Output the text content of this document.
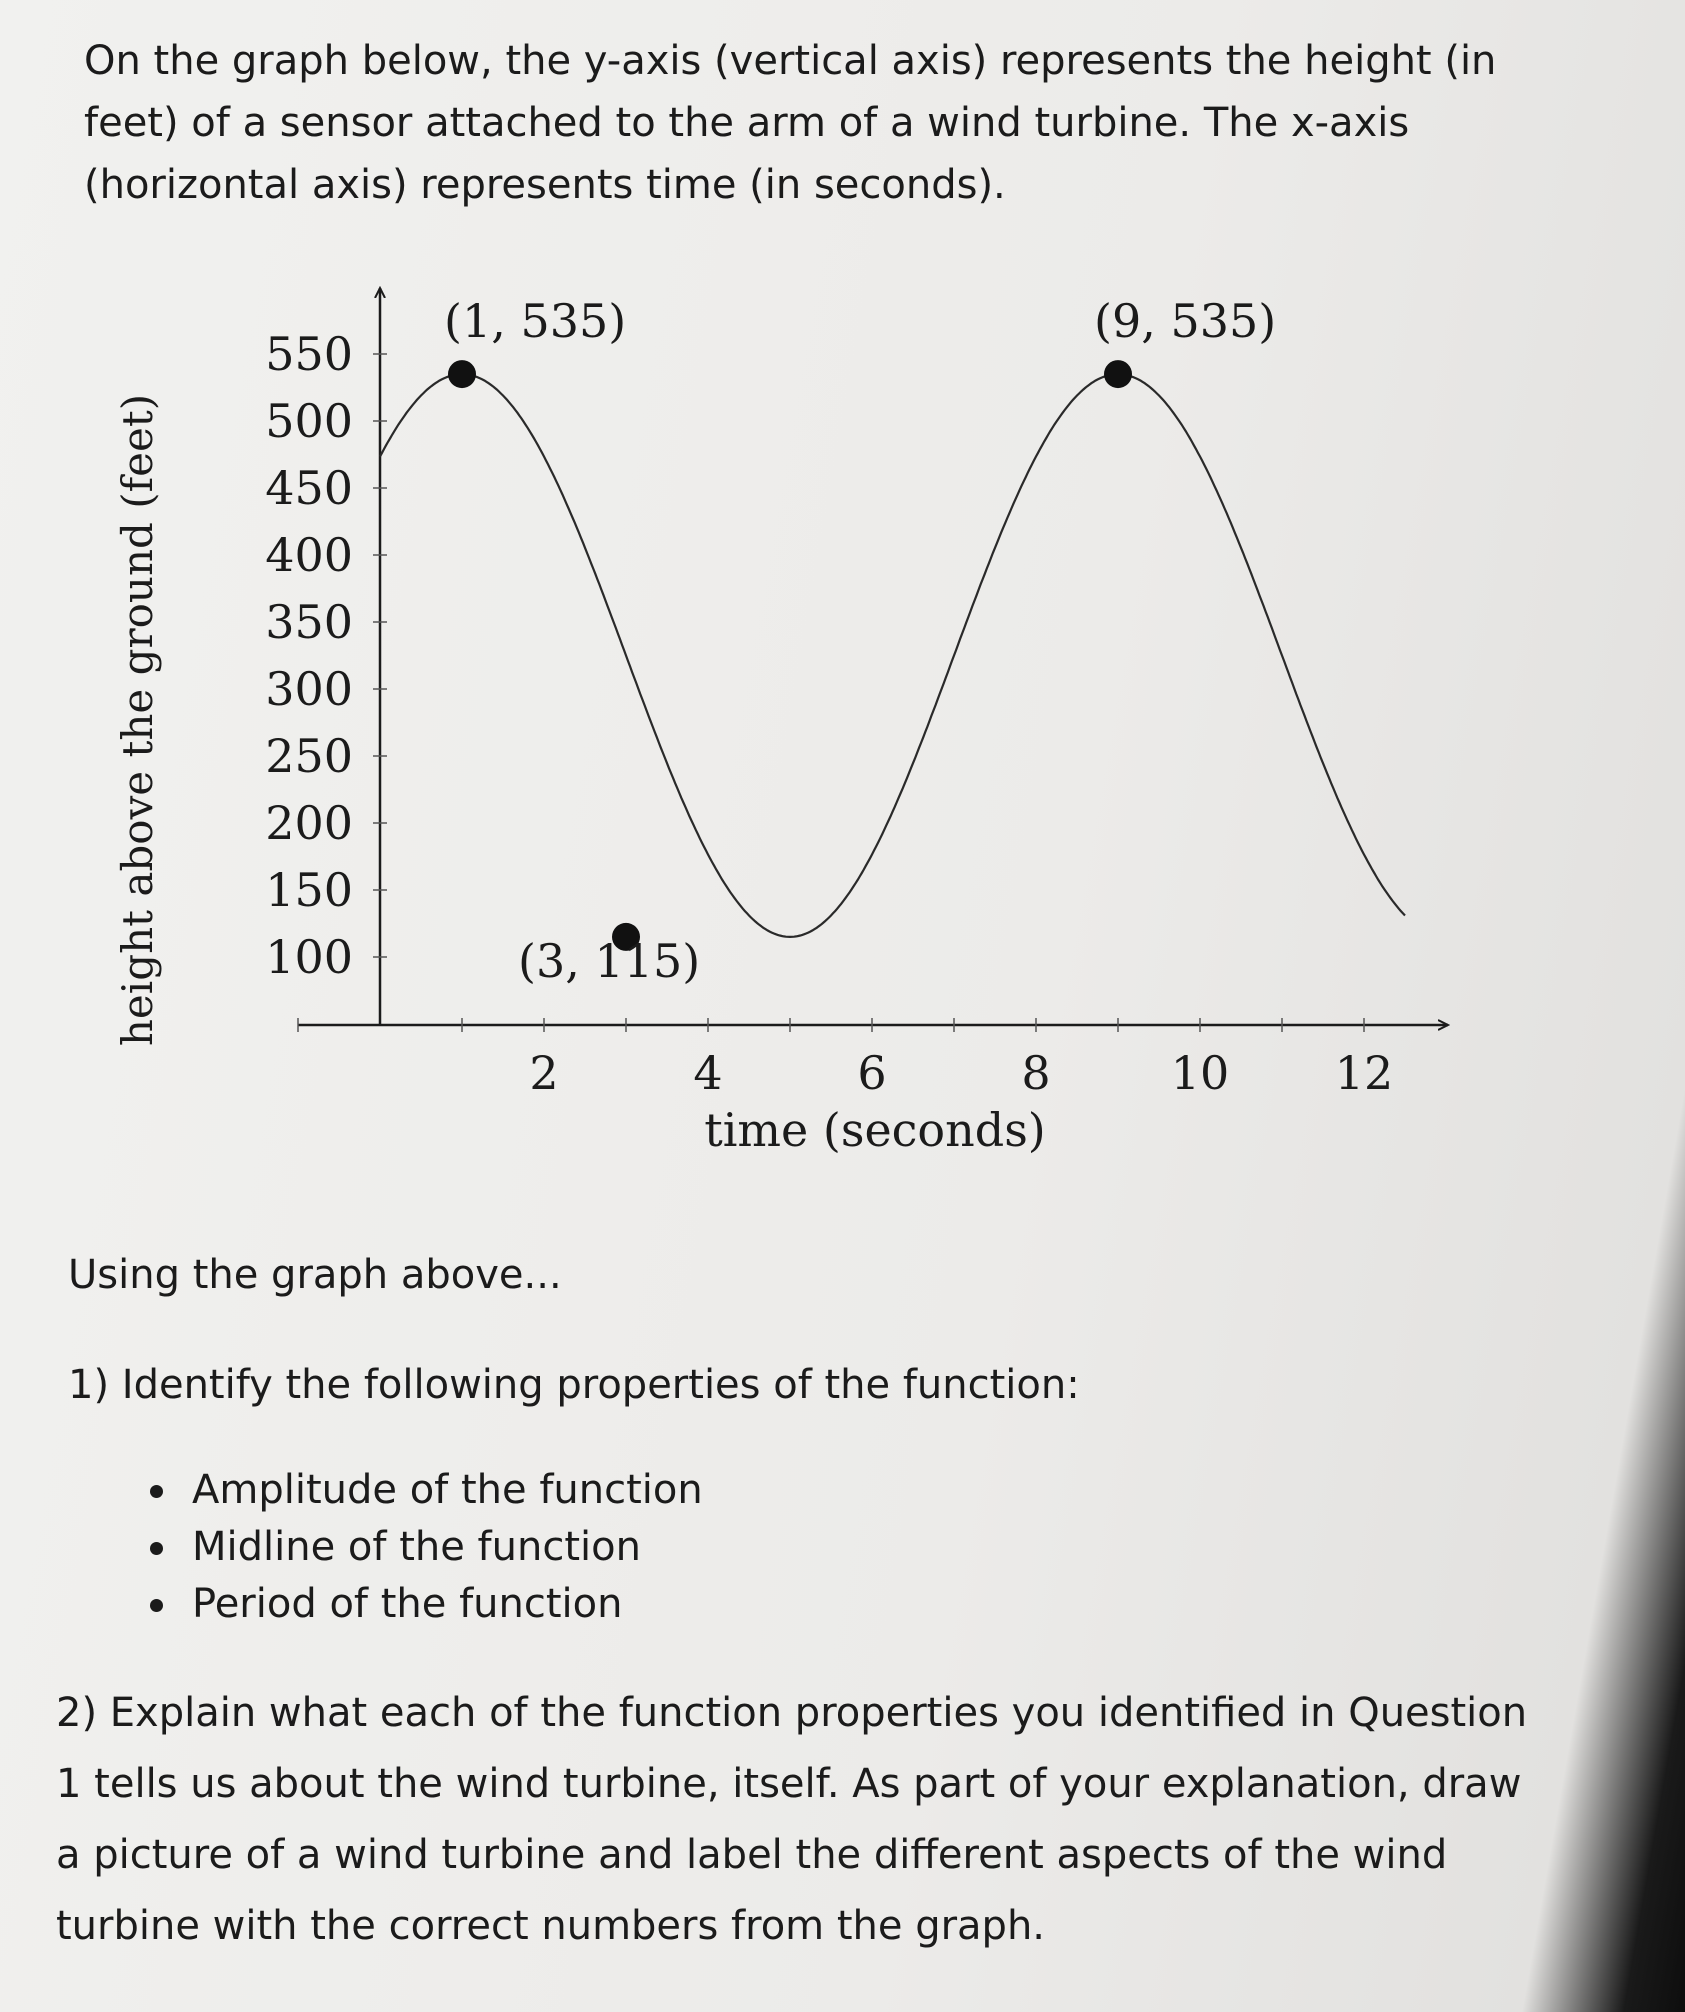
On the graph below, the y-axis (vertical axis) represents the height (in feet) of a sensor attached to the arm of a wind turbine. The x-axis (horizontal axis) represents time (in seconds).

2	4	6	8	10 12
100
150
200
250
300
350
400
450
500
550
(1, 535)	(9, 535)
(3, 115)
height above the ground (feet)
time (seconds)

Using the graph above...

1) Identify the following properties of the function:

Amplitude of the function
Midline of the function
Period of the function

2) Explain what each of the function properties you identified in Question 1 tells us about the wind turbine, itself. As part of your explanation, draw a picture of a wind turbine and label the different aspects of the wind turbine with the correct numbers from the graph.
